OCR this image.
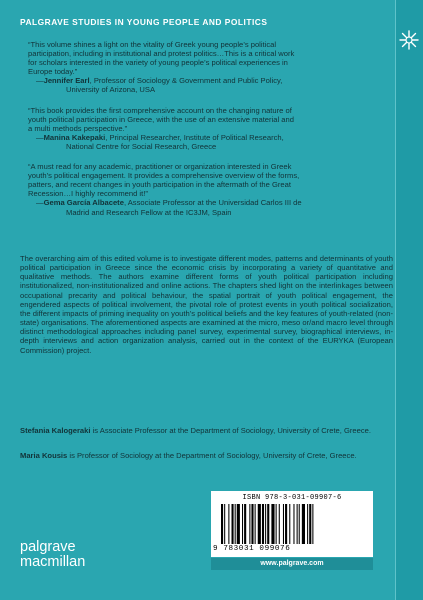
PALGRAVE STUDIES IN YOUNG PEOPLE AND POLITICS
“This volume shines a light on the vitality of Greek young people’s political
participation, including in institutional and protest politics…This is a critical work
for scholars interested in the variety of young people’s political experiences in
Europe today.”
—Jennifer Earl, Professor of Sociology & Government and Public Policy,
University of Arizona, USA
“This book provides the first comprehensive account on the changing nature of
youth political participation in Greece, with the use of an extensive material and
a multi methods perspective.”
—Manina Kakepaki, Principal Researcher, Institute of Political Research,
National Centre for Social Research, Greece
“A must read for any academic, practitioner or organization interested in Greek
youth’s political engagement. It provides a comprehensive overview of the forms,
patters, and recent changes in youth participation in the aftermath of the Great
Recession…I highly recommend it!”
—Gema García Albacete, Associate Professor at the Universidad Carlos III de
Madrid and Research Fellow at the IC3JM, Spain
The overarching aim of this edited volume is to investigate different modes, patterns and determinants of youth political participation in Greece since the economic crisis by incorporating a variety of quantitative and qualitative methods. The authors examine different forms of youth political participation including institutionalized, non-institutionalized and online actions. The chapters shed light on the interlinkages between occupational precarity and political behaviour, the spatial portrait of youth political engagement, the engendered aspects of political involvement, the pivotal role of protest events in youth political socialization, the different impacts of priming inequality on youth’s political beliefs and the key features of youth-related (non-state) organisations. The aforementioned aspects are examined at the micro, meso or/and macro level through distinct methodological approaches including panel survey, experimental survey, biographical interviews, in-depth interviews and action organization analysis, carried out in the context of the EURYKA (European Commission) project.
Stefania Kalogeraki is Associate Professor at the Department of Sociology, University of Crete, Greece.
Maria Kousis is Professor of Sociology at the Department of Sociology, University of Crete, Greece.
ISBN 978-3-031-09907-6
9 783031 099076
www.palgrave.com
palgrave
macmillan
